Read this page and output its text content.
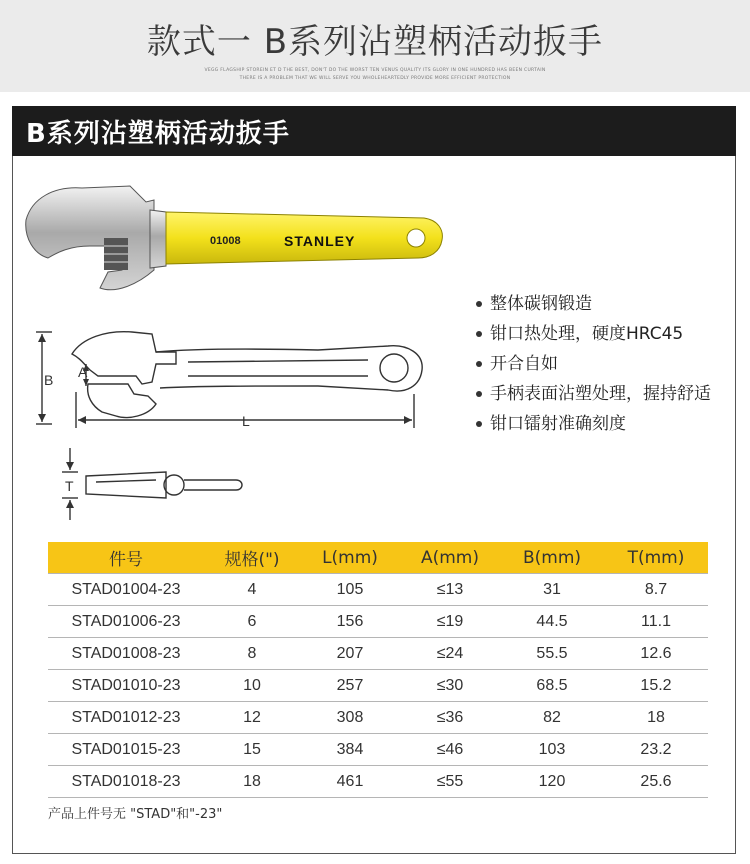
款式一 B系列沾塑柄活动扳手
VEGG FLAGSHIP STOREIN ET D THE BEST, DON'T DO THE WORST TEN VENUS QUALITY ITS GLORY IN ONE HUNDRED HAS BEEN CURTAIN
THERE IS A PROBLEM THAT WE WILL SERVE YOU WHOLEHEARTEDLY PROVIDE MORE EFFICIENT PROTECTION
B系列沾塑柄活动扳手
01008	STANLEY
B A
L
T
整体碳钢锻造
钳口热处理，硬度HRC45
开合自如
手柄表面沾塑处理，握持舒适
钳口镭射准确刻度
件号	规格(")	L(mm)	A(mm)	B(mm)	T(mm)
STAD01004-23	4	105	≤13	31	8.7
STAD01006-23	6	156	≤19	44.5	11.1
STAD01008-23	8	207	≤24	55.5	12.6
STAD01010-23	10	257	≤30	68.5	15.2
STAD01012-23	12	308	≤36	82	18
STAD01015-23	15	384	≤46	103	23.2
STAD01018-23	18	461	≤55	120	25.6
产品上件号无 "STAD"和"-23"
